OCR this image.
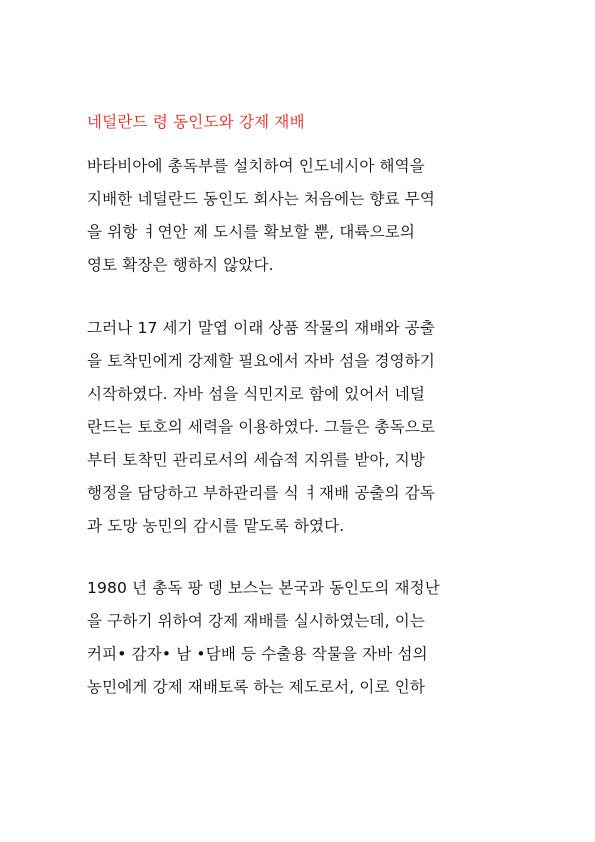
네덜란드 령 동인도와 강제 재배

바타비아에 총독부를 설치하여 인도네시아 해역을
지배한 네덜란드 동인도 회사는 처음에는 향료 무역
을 위항 ㅕ연안 제 도시를 확보할 뿐, 대륙으로의
영토 확장은 행하지 않았다.

그러나 17 세기 말엽 이래 상품 작물의 재배와 공출
을 토착민에게 강제할 필요에서 자바 섬을 경영하기
시작하였다. 자바 섬을 식민지로 함에 있어서 네덜
란드는 토호의 세력을 이용하였다. 그들은 총독으로
부터 토착민 관리로서의 세습적 지위를 받아, 지방
행정을 담당하고 부하관리를 식 ㅕ재배 공출의 감독
과 도망 농민의 감시를 맡도록 하였다.

1980 년 총독 팡 뎅 보스는 본국과 동인도의 재정난
을 구하기 위하여 강제 재배를 실시하였는데, 이는
커피• 감자• 남 •담배 등 수출용 작물을 자바 섬의
농민에게 강제 재배토록 하는 제도로서, 이로 인하
